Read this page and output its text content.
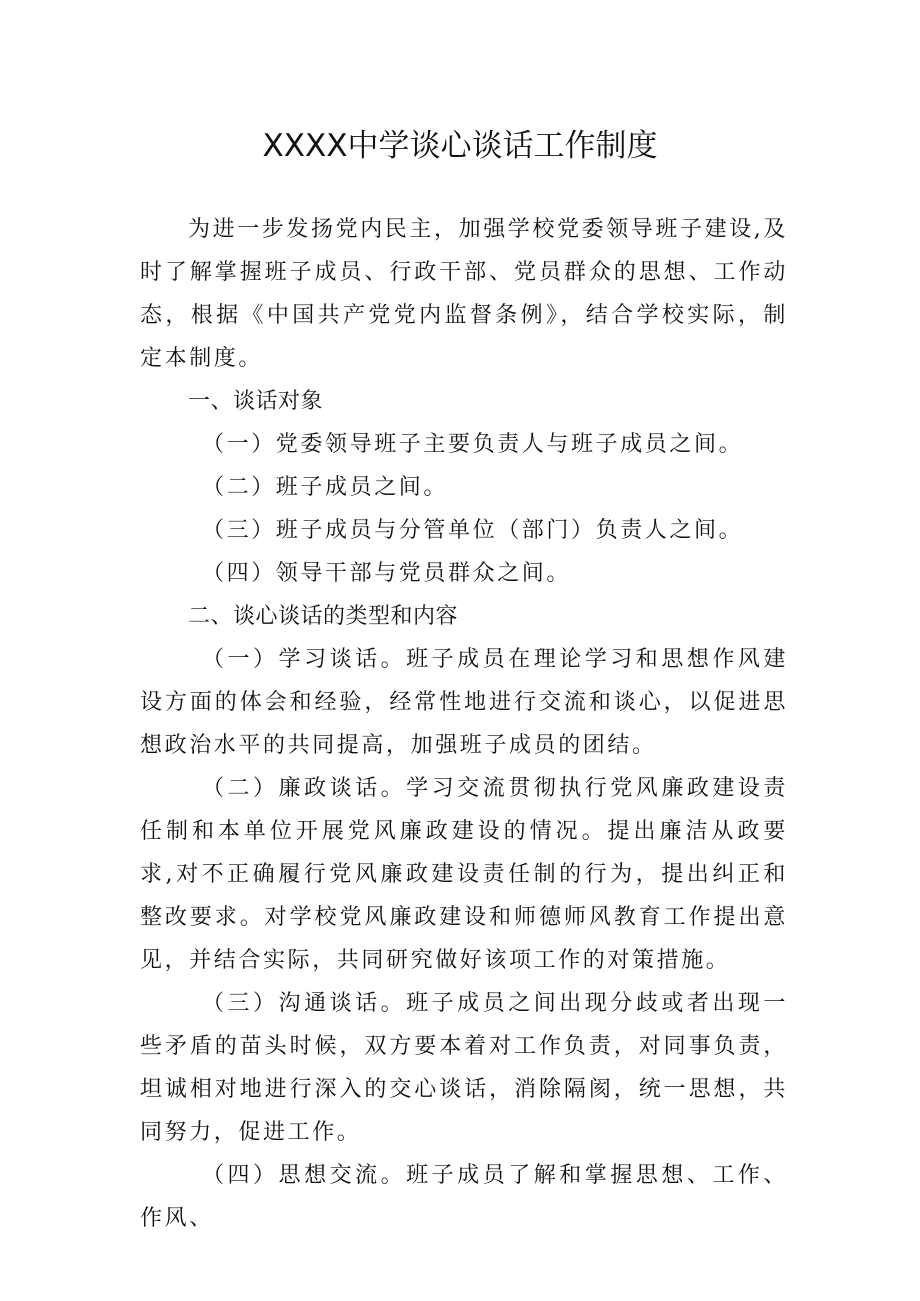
XXXX中学谈心谈话工作制度

为进一步发扬党内民主，加强学校党委领导班子建设,及时了解掌握班子成员、行政干部、党员群众的思想、工作动态，根据《中国共产党党内监督条例》，结合学校实际，制定本制度。

一、谈话对象

（一）党委领导班子主要负责人与班子成员之间。

（二）班子成员之间。

（三）班子成员与分管单位（部门）负责人之间。

（四）领导干部与党员群众之间。

二、谈心谈话的类型和内容

（一）学习谈话。班子成员在理论学习和思想作风建设方面的体会和经验，经常性地进行交流和谈心，以促进思想政治水平的共同提高，加强班子成员的团结。

（二）廉政谈话。学习交流贯彻执行党风廉政建设责任制和本单位开展党风廉政建设的情况。提出廉洁从政要求,对不正确履行党风廉政建设责任制的行为，提出纠正和整改要求。对学校党风廉政建设和师德师风教育工作提出意见，并结合实际，共同研究做好该项工作的对策措施。

（三）沟通谈话。班子成员之间出现分歧或者出现一些矛盾的苗头时候，双方要本着对工作负责，对同事负责，坦诚相对地进行深入的交心谈话，消除隔阂，统一思想，共同努力，促进工作。

（四）思想交流。班子成员了解和掌握思想、工作、作风、
